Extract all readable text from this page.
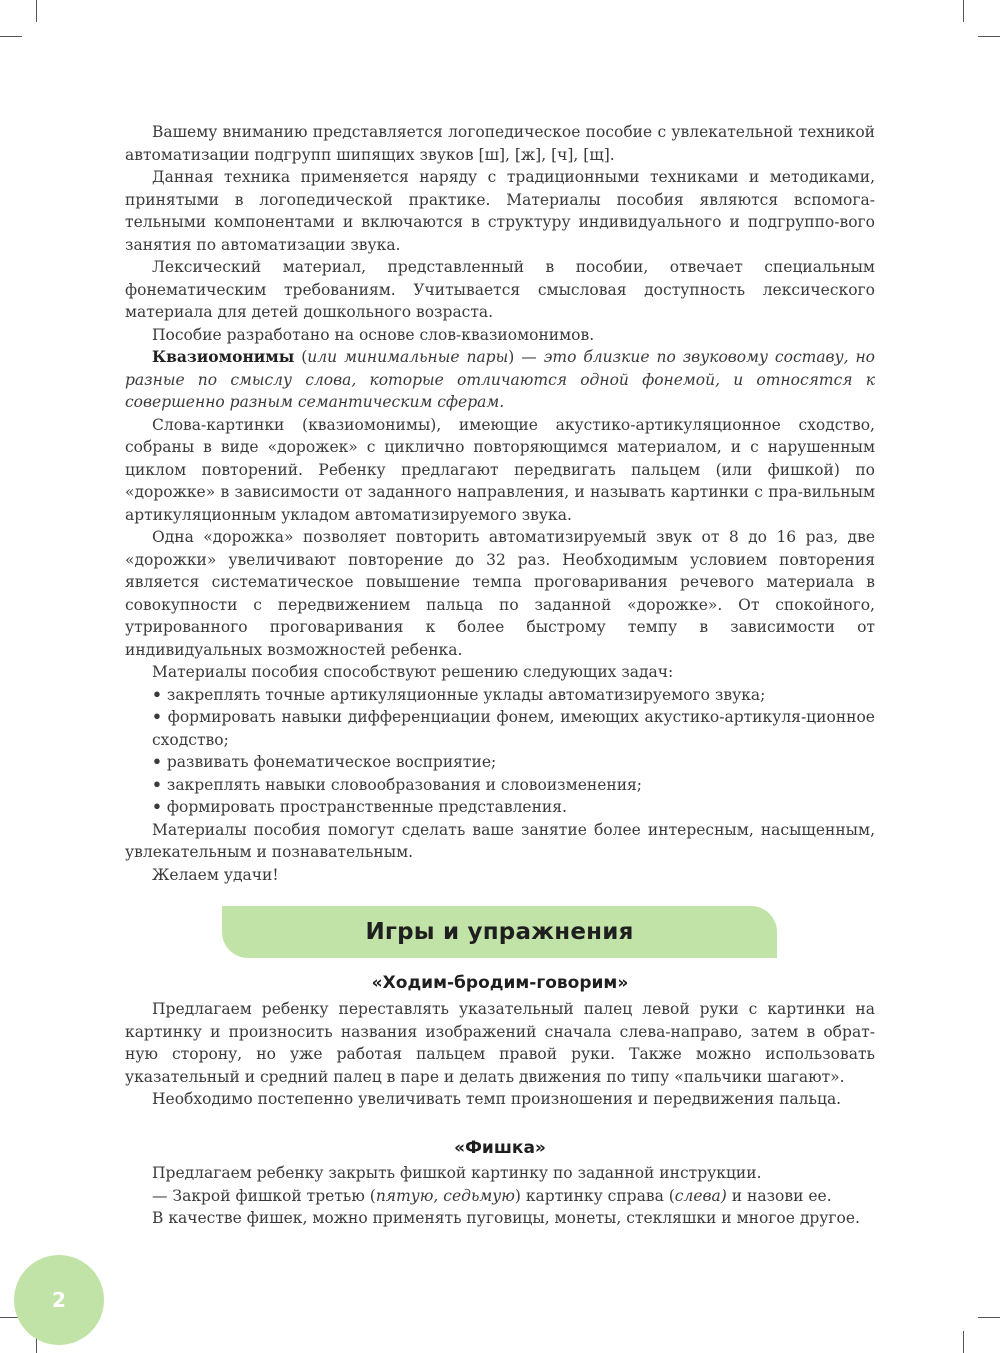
Вашему вниманию представляется логопедическое пособие с увлекательной техникой автоматизации подгрупп шипящих звуков [ш], [ж], [ч], [щ].

Данная техника применяется наряду с традиционными техниками и методиками, принятыми в логопедической практике. Материалы пособия являются вспомога-тельными компонентами и включаются в структуру индивидуального и подгруппо-вого занятия по автоматизации звука.

Лексический материал, представленный в пособии, отвечает специальным фонематическим требованиям. Учитывается смысловая доступность лексического материала для детей дошкольного возраста.

Пособие разработано на основе слов-квазиомонимов.

Квазиомонимы (или минимальные пары) — это близкие по звуковому составу, но разные по смыслу слова, которые отличаются одной фонемой, и относятся к совершенно разным семантическим сферам.

Слова-картинки (квазиомонимы), имеющие акустико-артикуляционное сходство, собраны в виде «дорожек» с циклично повторяющимся материалом, и с нарушенным циклом повторений. Ребенку предлагают передвигать пальцем (или фишкой) по «дорожке» в зависимости от заданного направления, и называть картинки с пра-вильным артикуляционным укладом автоматизируемого звука.

Одна «дорожка» позволяет повторить автоматизируемый звук от 8 до 16 раз, две «дорожки» увеличивают повторение до 32 раз. Необходимым условием повторения является систематическое повышение темпа проговаривания речевого материала в совокупности с передвижением пальца по заданной «дорожке». От спокойного, утрированного проговаривания к более быстрому темпу в зависимости от индивидуальных возможностей ребенка.

Материалы пособия способствуют решению следующих задач:

• закреплять точные артикуляционные уклады автоматизируемого звука;

• формировать навыки дифференциации фонем, имеющих акустико-артикуля-ционное сходство;

• развивать фонематическое восприятие;

• закреплять навыки словообразования и словоизменения;

• формировать пространственные представления.

Материалы пособия помогут сделать ваше занятие более интересным, насыщенным, увлекательным и познавательным.

Желаем удачи!

Игры и упражнения
«Ходим-бродим-говорим»

Предлагаем ребенку переставлять указательный палец левой руки с картинки на картинку и произносить названия изображений сначала слева-направо, затем в обрат-ную сторону, но уже работая пальцем правой руки. Также можно использовать указательный и средний палец в паре и делать движения по типу «пальчики шагают».

Необходимо постепенно увеличивать темп произношения и передвижения пальца.

«Фишка»

Предлагаем ребенку закрыть фишкой картинку по заданной инструкции.

— Закрой фишкой третью (пятую, седьмую) картинку справа (слева) и назови ее.

В качестве фишек, можно применять пуговицы, монеты, стекляшки и многое другое.

2
